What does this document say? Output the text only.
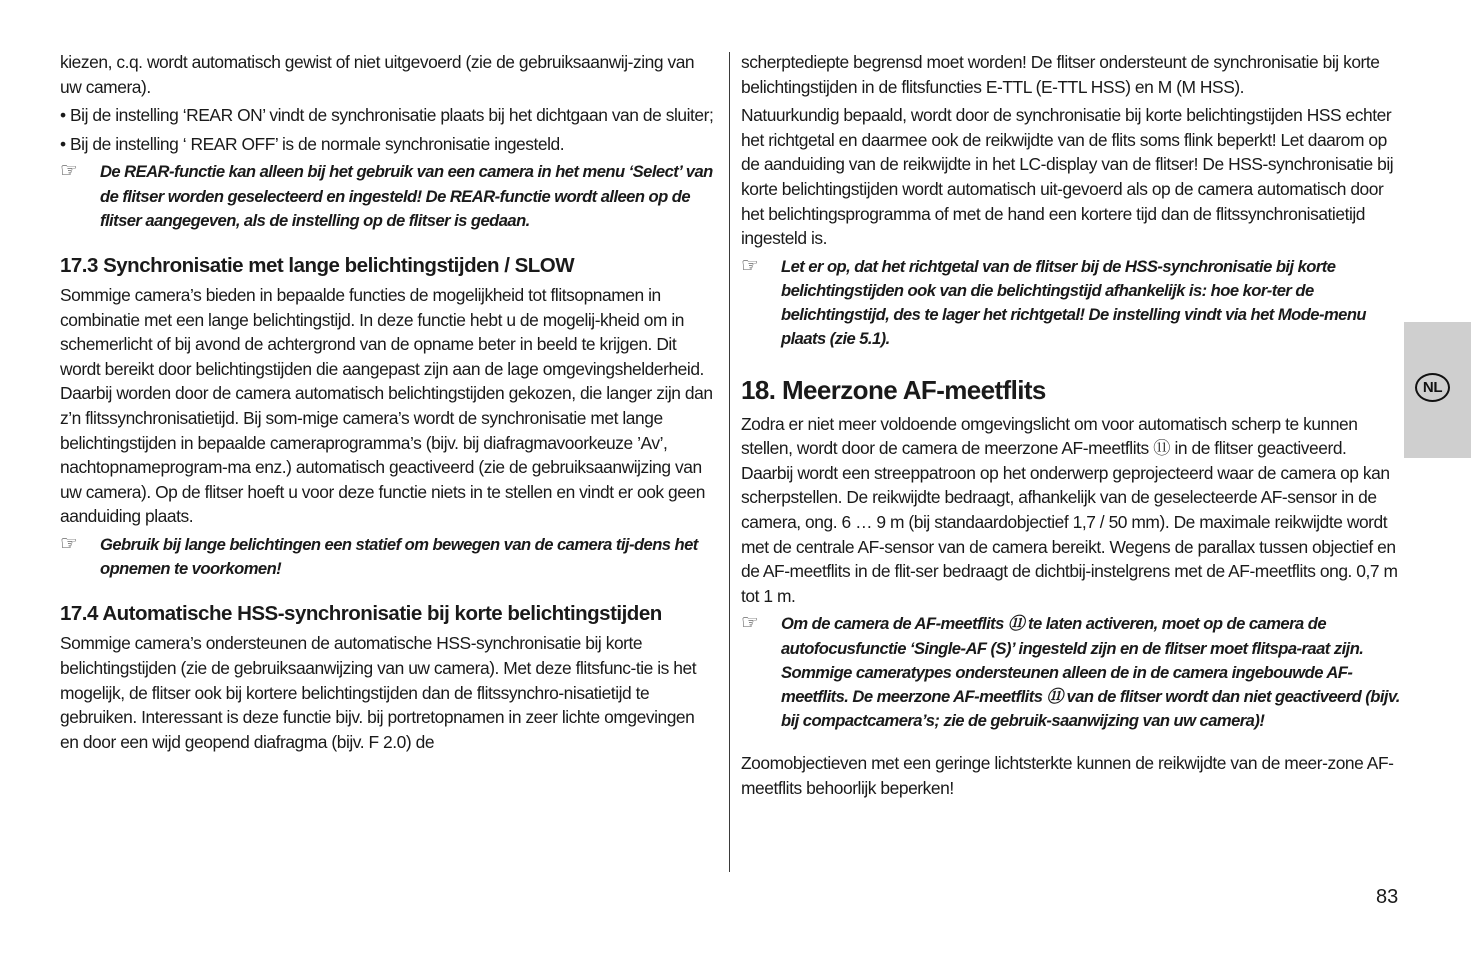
kiezen, c.q. wordt automatisch gewist of niet uitgevoerd (zie de gebruiksaanwij-zing van uw camera).

• Bij de instelling ‘REAR ON’ vindt de synchronisatie plaats bij het dichtgaan van de sluiter;

• Bij de instelling ‘ REAR OFF’ is de normale synchronisatie ingesteld.

☞ De REAR-functie kan alleen bij het gebruik van een camera in het menu ‘Select’ van de flitser worden geselecteerd en ingesteld! De REAR-functie wordt alleen op de flitser aangegeven, als de instelling op de flitser is gedaan.
17.3 Synchronisatie met lange belichtingstijden / SLOW

Sommige camera’s bieden in bepaalde functies de mogelijkheid tot flitsopnamen in combinatie met een lange belichtingstijd. In deze functie hebt u de mogelij-kheid om in schemerlicht of bij avond de achtergrond van de opname beter in beeld te krijgen. Dit wordt bereikt door belichtingstijden die aangepast zijn aan de lage omgevingshelderheid. Daarbij worden door de camera automatisch belichtingstijden gekozen, die langer zijn dan z’n flitssynchronisatietijd. Bij som-mige camera’s wordt de synchronisatie met lange belichtingstijden in bepaalde cameraprogramma’s (bijv. bij diafragmavoorkeuze ’Av’, nachtopnameprogram-ma enz.) automatisch geactiveerd (zie de gebruiksaanwijzing van uw camera). Op de flitser hoeft u voor deze functie niets in te stellen en vindt er ook geen aanduiding plaats.

☞ Gebruik bij lange belichtingen een statief om bewegen van de camera tij-dens het opnemen te voorkomen!
17.4 Automatische HSS-synchronisatie bij korte belichtingstijden

Sommige camera’s ondersteunen de automatische HSS-synchronisatie bij korte belichtingstijden (zie de gebruiksaanwijzing van uw camera). Met deze flitsfunc-tie is het mogelijk, de flitser ook bij kortere belichtingstijden dan de flitssynchro-nisatietijd te gebruiken. Interessant is deze functie bijv. bij portretopnamen in zeer lichte omgevingen en door een wijd geopend diafragma (bijv. F 2.0) de

scherptediepte begrensd moet worden! De flitser ondersteunt de synchronisatie bij korte belichtingstijden in de flitsfuncties E-TTL (E-TTL HSS) en M (M HSS).

Natuurkundig bepaald, wordt door de synchronisatie bij korte belichtingstijden HSS echter het richtgetal en daarmee ook de reikwijdte van de flits soms flink beperkt! Let daarom op de aanduiding van de reikwijdte in het LC-display van de flitser! De HSS-synchronisatie bij korte belichtingstijden wordt automatisch uit-gevoerd als op de camera automatisch door het belichtingsprogramma of met de hand een kortere tijd dan de flitssynchronisatietijd ingesteld is.

☞ Let er op, dat het richtgetal van de flitser bij de HSS-synchronisatie bij korte belichtingstijden ook van die belichtingstijd afhankelijk is: hoe kor-ter de belichtingstijd, des te lager het richtgetal! De instelling vindt via het Mode-menu plaats (zie 5.1).
18. Meerzone AF-meetflits

Zodra er niet meer voldoende omgevingslicht om voor automatisch scherp te kunnen stellen, wordt door de camera de meerzone AF-meetflits ⑪ in de flitser geactiveerd. Daarbij wordt een streeppatroon op het onderwerp geprojecteerd waar de camera op kan scherpstellen. De reikwijdte bedraagt, afhankelijk van de geselecteerde AF-sensor in de camera, ong. 6 … 9 m (bij standaardobjectief 1,7 / 50 mm). De maximale reikwijdte wordt met de centrale AF-sensor van de camera bereikt. Wegens de parallax tussen objectief en de AF-meetflits in de flit-ser bedraagt de dichtbij-instelgrens met de AF-meetflits ong. 0,7 m tot 1 m.

☞ Om de camera de AF-meetflits ⑪ te laten activeren, moet op de camera de autofocusfunctie ‘Single-AF (S)’ ingesteld zijn en de flitser moet flitspa-raat zijn. Sommige cameratypes ondersteunen alleen de in de camera ingebouwde AF-meetflits. De meerzone AF-meetflits ⑪ van de flitser wordt dan niet geactiveerd (bijv. bij compactcamera’s; zie de gebruik-saanwijzing van uw camera)!

Zoomobjectieven met een geringe lichtsterkte kunnen de reikwijdte van de meer-zone AF-meetflits behoorlijk beperken!

NL
83
